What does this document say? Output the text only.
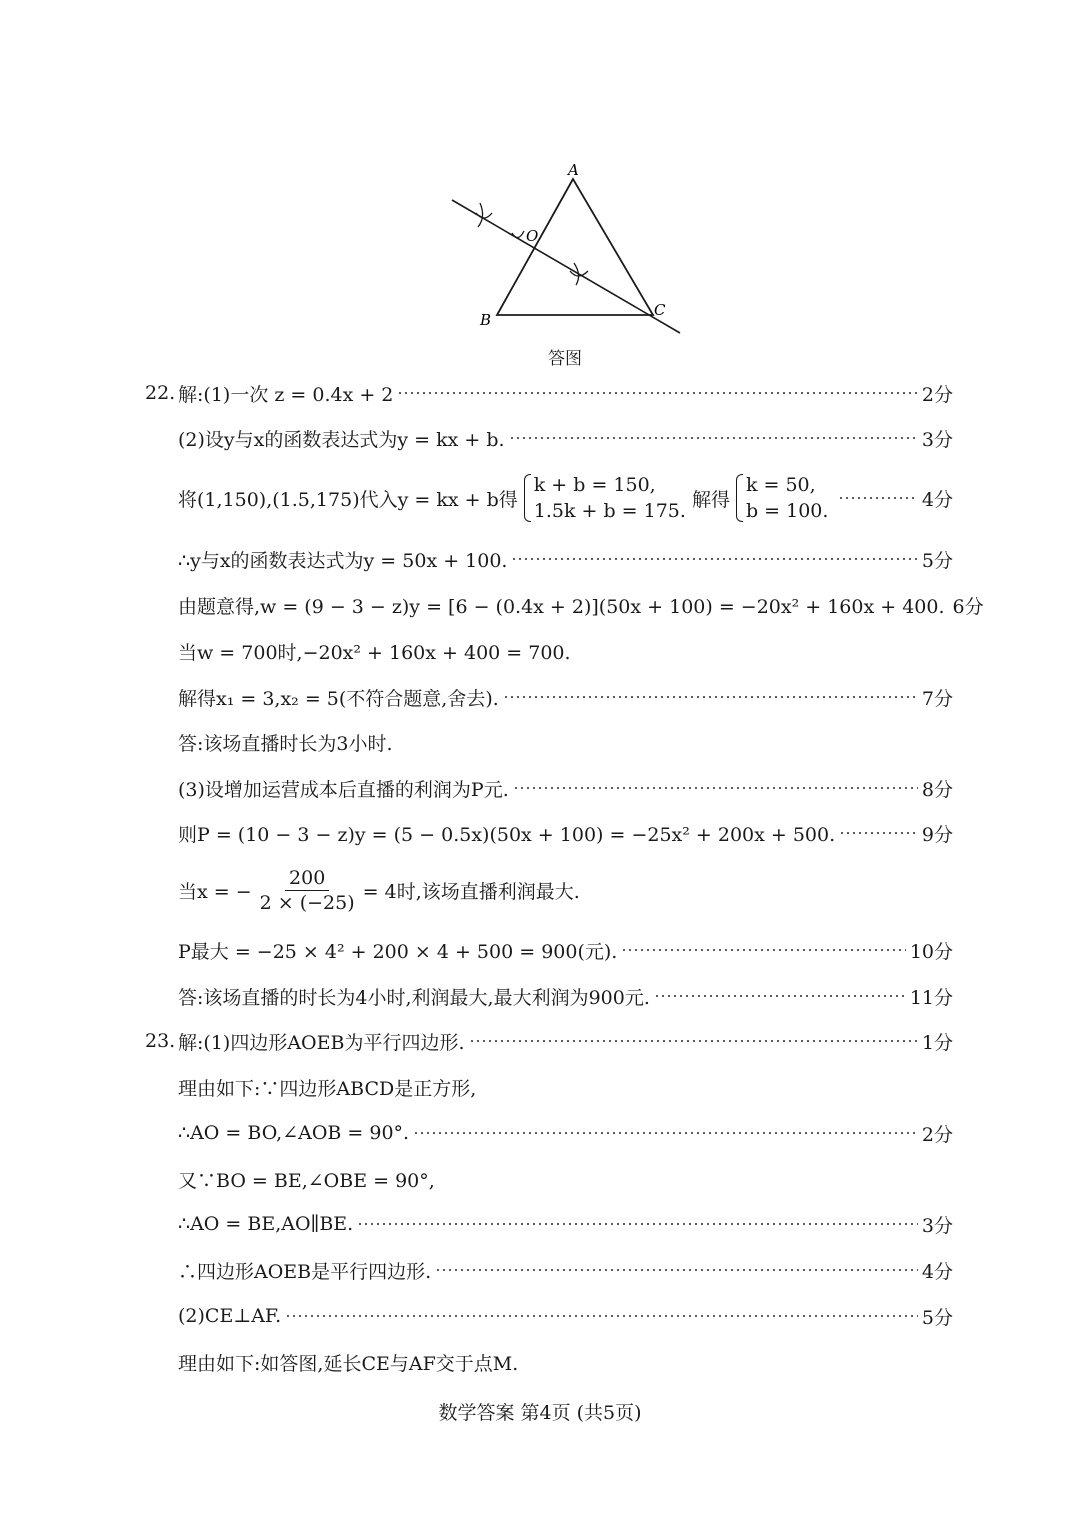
A
O
B
C
答图
22. 解:(1)一次 z = 0.4x + 2	2分
(2)设y与x的函数表达式为y = kx + b.	3分
将(1,150),(1.5,175)代入y = kx + b得
k + b = 150,
1.5k + b = 175.
解得
k = 50,
b = 100.
4分
∴y与x的函数表达式为y = 50x + 100.	5分
由题意得,w = (9 − 3 − z)y = [6 − (0.4x + 2)](50x + 100) = −20x² + 160x + 400. 6分
当w = 700时,−20x² + 160x + 400 = 700.
解得x₁ = 3,x₂ = 5(不符合题意,舍去).	7分
答:该场直播时长为3小时.
(3)设增加运营成本后直播的利润为P元.	8分
则P = (10 − 3 − z)y = (5 − 0.5x)(50x + 100) = −25x² + 200x + 500.	9分
当x = − $\frac{200}{2 \times (-25)} = 4$时,该场直播利润最大.
P最大 = −25 × 4² + 200 × 4 + 500 = 900(元).	10分
答:该场直播的时长为4小时,利润最大,最大利润为900元.	11分
23. 解:(1)四边形AOEB为平行四边形.	1分
理由如下:∵四边形ABCD是正方形,
∴AO = BO,∠AOB = 90°.	2分
又∵BO = BE,∠OBE = 90°,
∴AO = BE,AO∥BE.	3分
∴四边形AOEB是平行四边形.	4分
(2)CE⊥AF.	5分
理由如下:如答图,延长CE与AF交于点M.
数学答案 第4页 (共5页)
